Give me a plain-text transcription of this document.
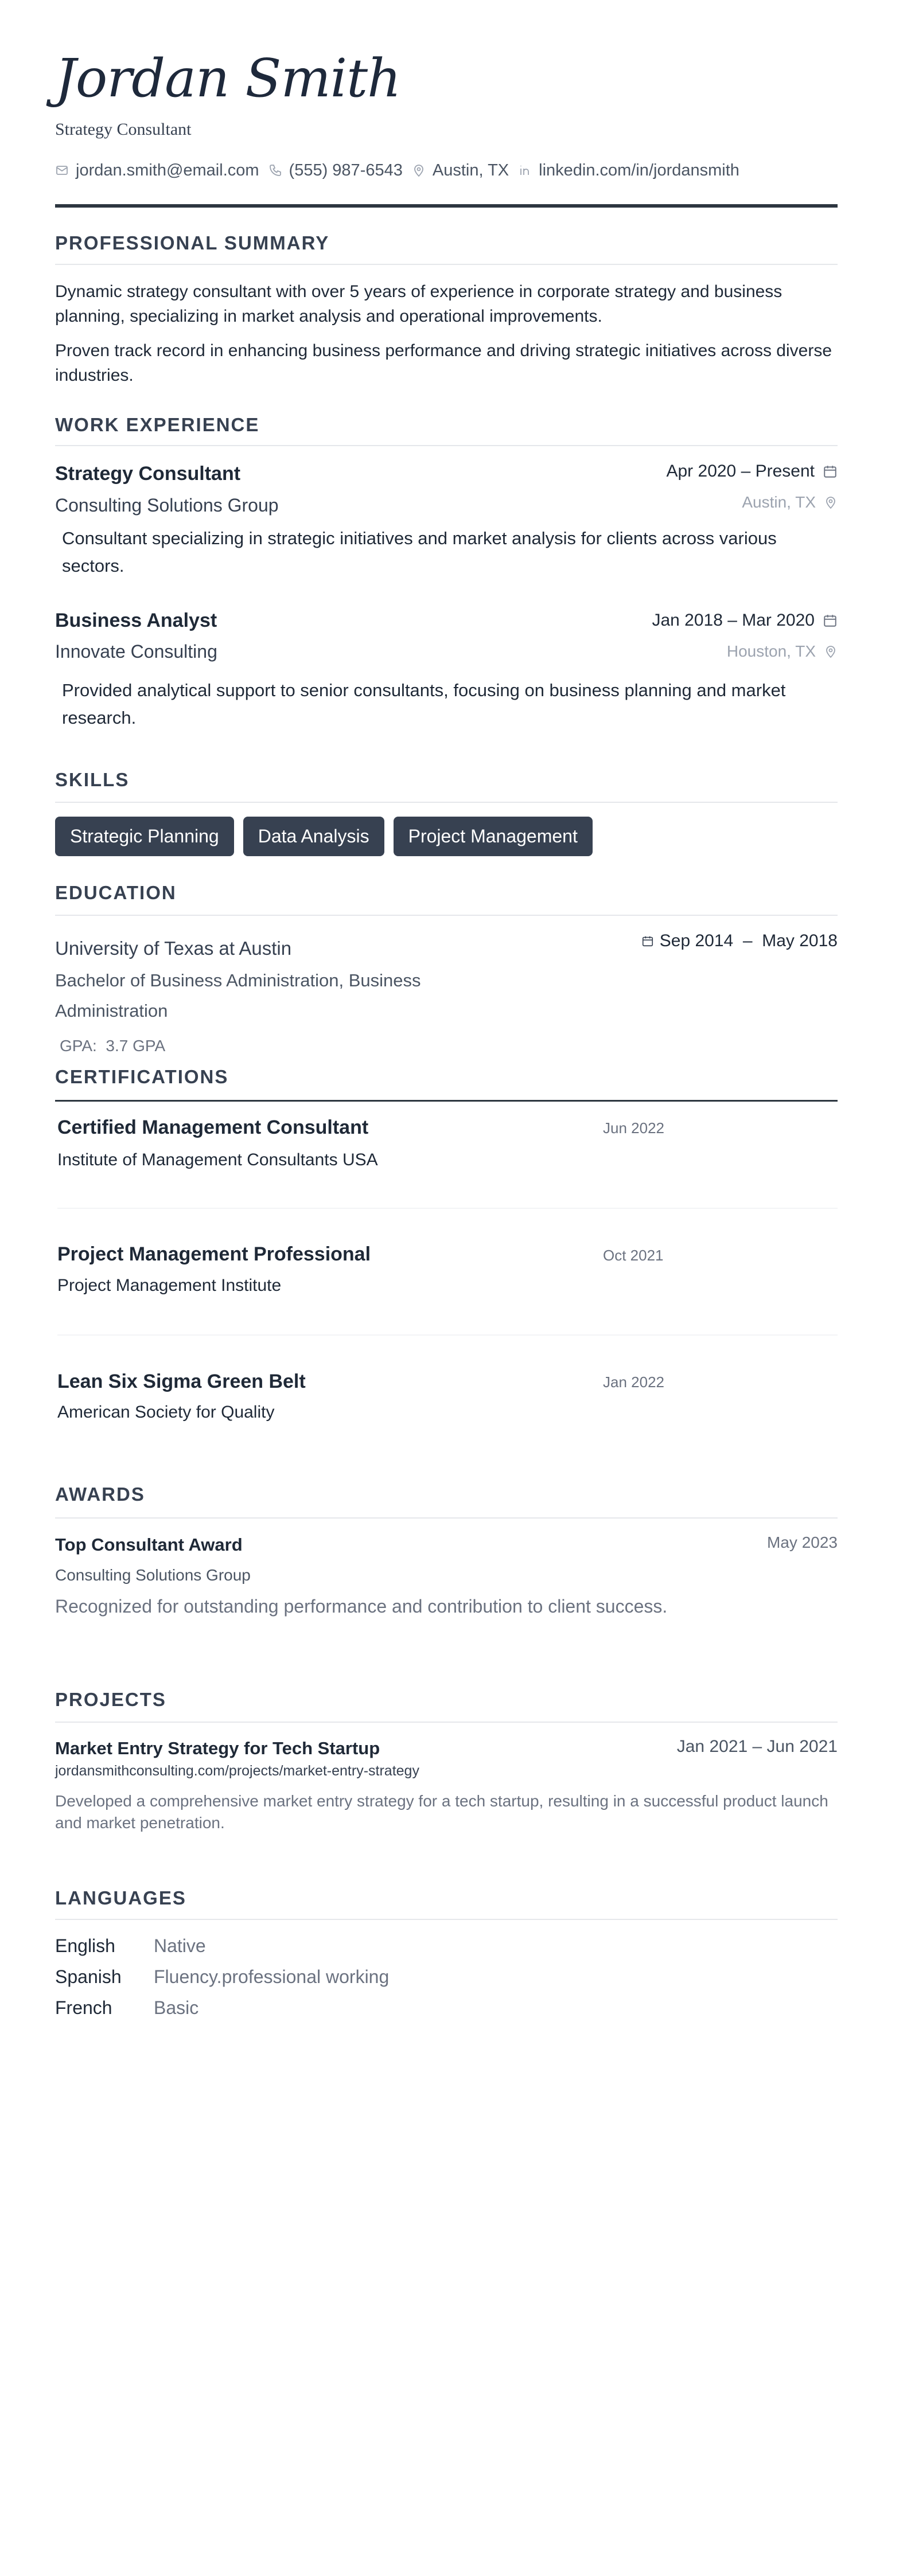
Jordan Smith
Strategy Consultant
jordan.smith@email.com (555) 987-6543 Austin, TX linkedin.com/in/jordansmith
PROFESSIONAL SUMMARY
Dynamic strategy consultant with over 5 years of experience in corporate strategy and business planning, specializing in market analysis and operational improvements.
Proven track record in enhancing business performance and driving strategic initiatives across diverse industries.
WORK EXPERIENCE
Strategy Consultant	Apr 2020 – Present
Consulting Solutions Group	Austin, TX
Consultant specializing in strategic initiatives and market analysis for clients across various sectors.
Business Analyst	Jan 2018 – Mar 2020
Innovate Consulting	Houston, TX
Provided analytical support to senior consultants, focusing on business planning and market research.
SKILLS
Strategic Planning	Data Analysis	Project Management
EDUCATION
University of Texas at Austin	Sep 2014  –  May 2018
Bachelor of Business Administration, Business Administration
GPA:  3.7 GPA
CERTIFICATIONS
Certified Management Consultant	Jun 2022
Institute of Management Consultants USA
Project Management Professional	Oct 2021
Project Management Institute
Lean Six Sigma Green Belt	Jan 2022
American Society for Quality
AWARDS
Top Consultant Award	May 2023
Consulting Solutions Group
Recognized for outstanding performance and contribution to client success.
PROJECTS
Market Entry Strategy for Tech Startup	Jan 2021 – Jun 2021
jordansmithconsulting.com/projects/market-entry-strategy
Developed a comprehensive market entry strategy for a tech startup, resulting in a successful product launch and market penetration.
LANGUAGES
English	Native
Spanish	Fluency.professional working
French	Basic
